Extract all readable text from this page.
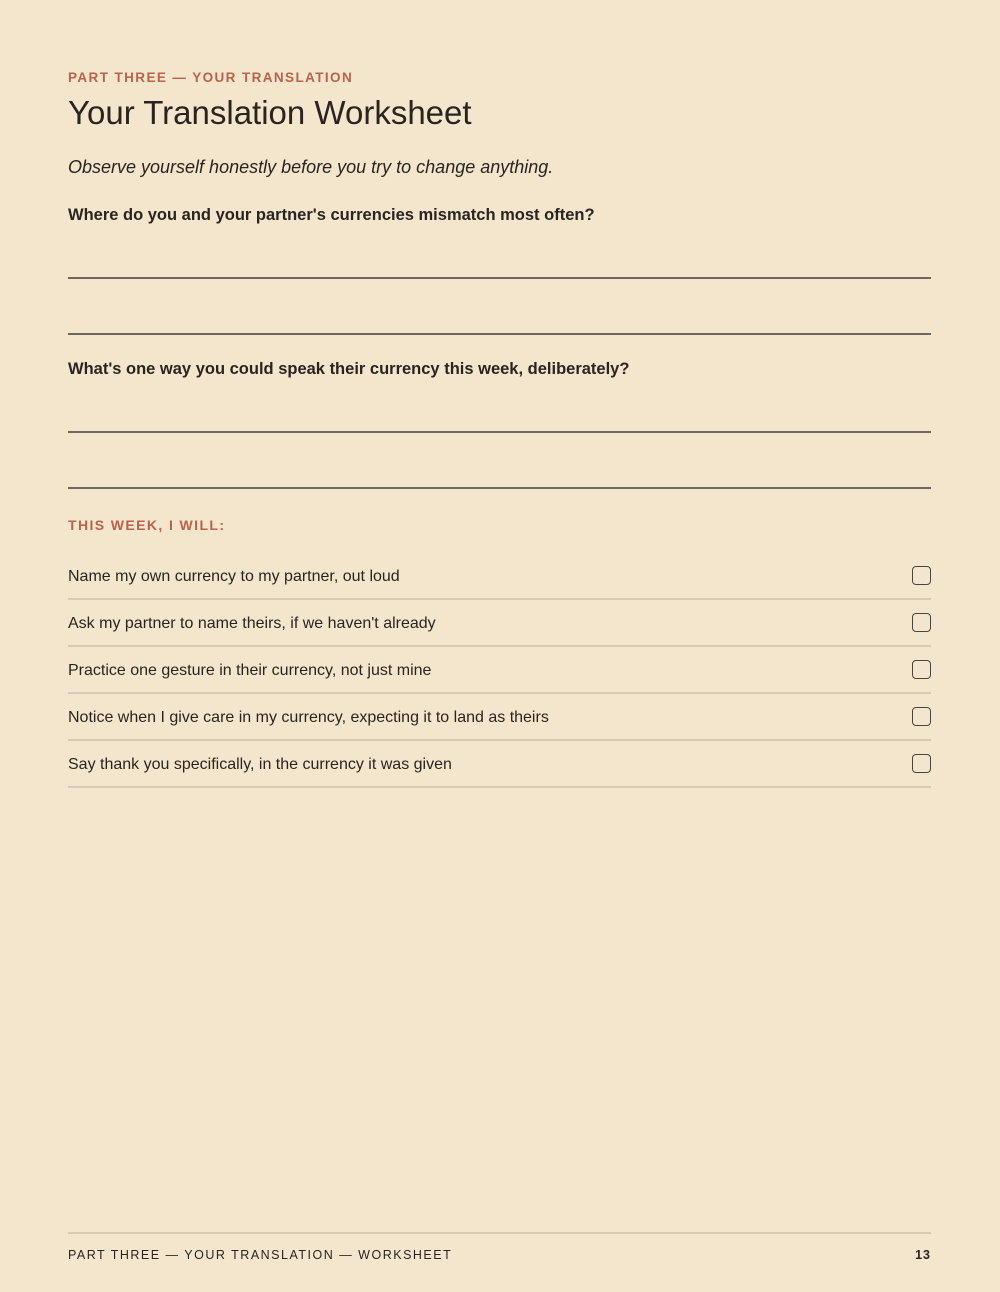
PART THREE — YOUR TRANSLATION
Your Translation Worksheet
Observe yourself honestly before you try to change anything.
Where do you and your partner's currencies mismatch most often?
What's one way you could speak their currency this week, deliberately?
THIS WEEK, I WILL:
Name my own currency to my partner, out loud
Ask my partner to name theirs, if we haven't already
Practice one gesture in their currency, not just mine
Notice when I give care in my currency, expecting it to land as theirs
Say thank you specifically, in the currency it was given
PART THREE — YOUR TRANSLATION — WORKSHEET	13
